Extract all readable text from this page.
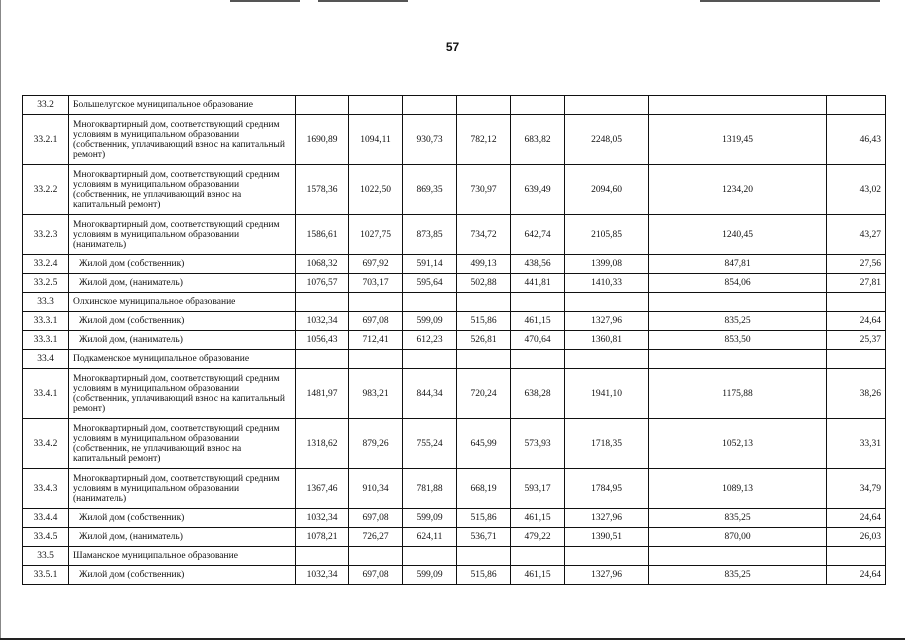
57
33.2	Большелугское муниципальное образование								
33.2.1	Многоквартирный дом, соответствующий средним условиям в муниципальном образовании (собственник, уплачивающий взнос на капитальный ремонт)	1690,89	1094,11	930,73	782,12	683,82	2248,05	1319,45	46,43
33.2.2	Многоквартирный дом, соответствующий средним условиям в муниципальном образовании (собственник, не уплачивающий взнос на капитальный ремонт)	1578,36	1022,50	869,35	730,97	639,49	2094,60	1234,20	43,02
33.2.3	Многоквартирный дом, соответствующий средним условиям в муниципальном образовании (наниматель)	1586,61	1027,75	873,85	734,72	642,74	2105,85	1240,45	43,27
33.2.4	Жилой дом (собственник)	1068,32	697,92	591,14	499,13	438,56	1399,08	847,81	27,56
33.2.5	Жилой дом, (наниматель)	1076,57	703,17	595,64	502,88	441,81	1410,33	854,06	27,81
33.3	Олхинское муниципальное образование								
33.3.1	Жилой дом (собственник)	1032,34	697,08	599,09	515,86	461,15	1327,96	835,25	24,64
33.3.1	Жилой дом, (наниматель)	1056,43	712,41	612,23	526,81	470,64	1360,81	853,50	25,37
33.4	Подкаменское муниципальное образование								
33.4.1	Многоквартирный дом, соответствующий средним условиям в муниципальном образовании (собственник, уплачивающий взнос на капитальный ремонт)	1481,97	983,21	844,34	720,24	638,28	1941,10	1175,88	38,26
33.4.2	Многоквартирный дом, соответствующий средним условиям в муниципальном образовании (собственник, не уплачивающий взнос на капитальный ремонт)	1318,62	879,26	755,24	645,99	573,93	1718,35	1052,13	33,31
33.4.3	Многоквартирный дом, соответствующий средним условиям в муниципальном образовании (наниматель)	1367,46	910,34	781,88	668,19	593,17	1784,95	1089,13	34,79
33.4.4	Жилой дом (собственник)	1032,34	697,08	599,09	515,86	461,15	1327,96	835,25	24,64
33.4.5	Жилой дом, (наниматель)	1078,21	726,27	624,11	536,71	479,22	1390,51	870,00	26,03
33.5	Шаманское муниципальное образование								
33.5.1	Жилой дом (собственник)	1032,34	697,08	599,09	515,86	461,15	1327,96	835,25	24,64
